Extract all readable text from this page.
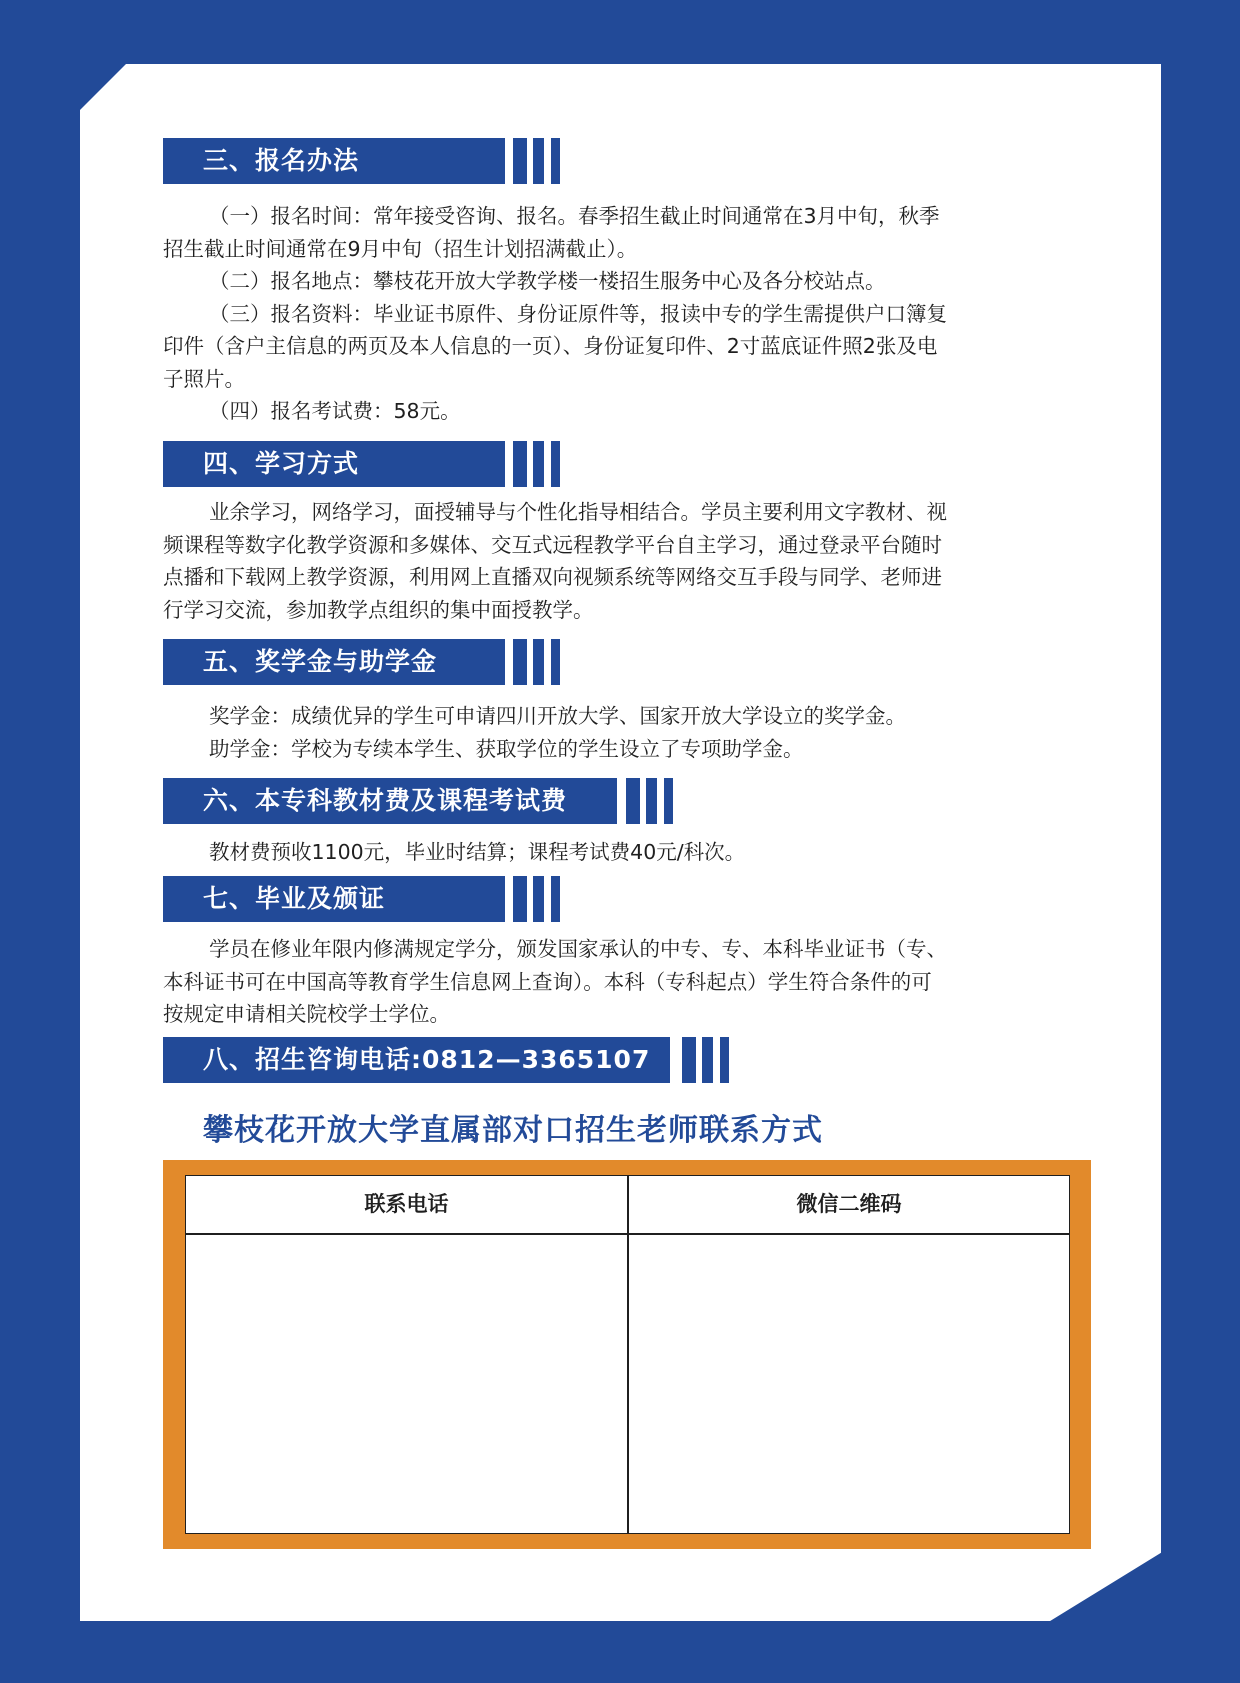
三、报名办法

（一）报名时间：常年接受咨询、报名。春季招生截止时间通常在3月中旬，秋季

招生截止时间通常在9月中旬（招生计划招满截止）。

（二）报名地点：攀枝花开放大学教学楼一楼招生服务中心及各分校站点。

（三）报名资料：毕业证书原件、身份证原件等，报读中专的学生需提供户口簿复

印件（含户主信息的两页及本人信息的一页）、身份证复印件、2寸蓝底证件照2张及电

子照片。

（四）报名考试费：58元。

四、学习方式

业余学习，网络学习，面授辅导与个性化指导相结合。学员主要利用文字教材、视

频课程等数字化教学资源和多媒体、交互式远程教学平台自主学习，通过登录平台随时

点播和下载网上教学资源，利用网上直播双向视频系统等网络交互手段与同学、老师进

行学习交流，参加教学点组织的集中面授教学。

五、奖学金与助学金

奖学金：成绩优异的学生可申请四川开放大学、国家开放大学设立的奖学金。

助学金：学校为专续本学生、获取学位的学生设立了专项助学金。

六、本专科教材费及课程考试费

教材费预收1100元，毕业时结算；课程考试费40元/科次。

七、毕业及颁证

学员在修业年限内修满规定学分，颁发国家承认的中专、专、本科毕业证书（专、

本科证书可在中国高等教育学生信息网上查询）。本科（专科起点）学生符合条件的可

按规定申请相关院校学士学位。

八、招生咨询电话:0812—3365107
攀枝花开放大学直属部对口招生老师联系方式
联系电话	微信二维码
